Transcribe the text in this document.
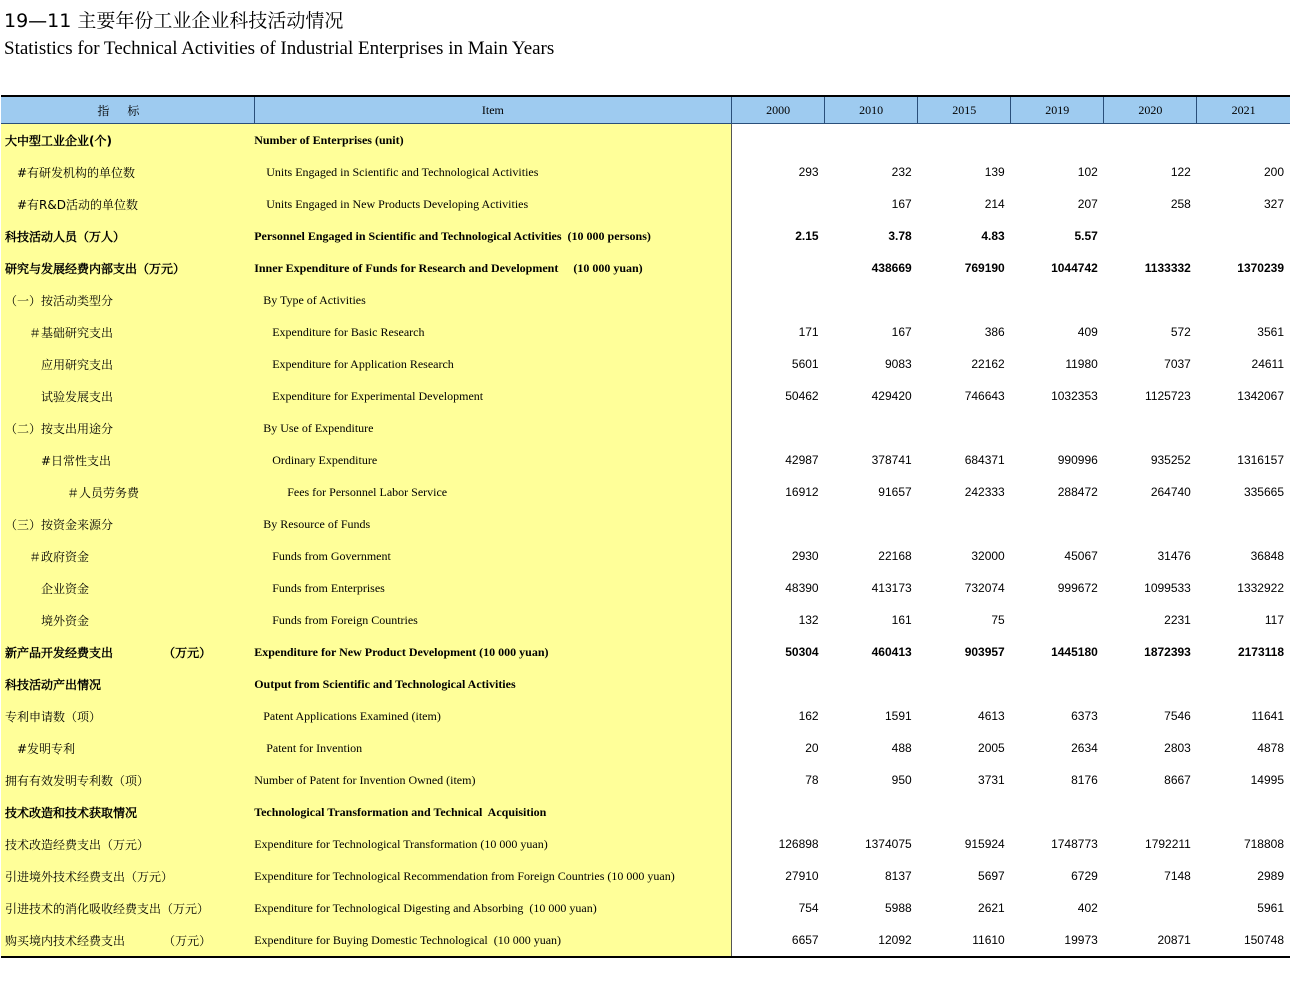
19—11 主要年份工业企业科技活动情况
Statistics for Technical Activities of Industrial Enterprises in Main Years
指标	Item	2000	2010	2015	2019	2020	2021
大中型工业企业(个)	Number of Enterprises (unit)						
#有研发机构的单位数	Units Engaged in Scientific and Technological Activities	293	232	139	102	122	200
#有R&D活动的单位数	Units Engaged in New Products Developing Activities		167	214	207	258	327
科技活动人员（万人）	Personnel Engaged in Scientific and Technological Activities  (10 000 persons)	2.15	3.78	4.83	5.57		
研究与发展经费内部支出（万元）	Inner Expenditure of Funds for Research and Development     (10 000 yuan)		438669	769190	1044742	1133332	1370239
（一）按活动类型分	By Type of Activities						
＃基础研究支出	Expenditure for Basic Research	171	167	386	409	572	3561
应用研究支出	Expenditure for Application Research	5601	9083	22162	11980	7037	24611
试验发展支出	Expenditure for Experimental Development	50462	429420	746643	1032353	1125723	1342067
（二）按支出用途分	By Use of Expenditure						
#日常性支出	Ordinary Expenditure	42987	378741	684371	990996	935252	1316157
＃人员劳务费	Fees for Personnel Labor Service	16912	91657	242333	288472	264740	335665
（三）按资金来源分	By Resource of Funds						
＃政府资金	Funds from Government	2930	22168	32000	45067	31476	36848
企业资金	Funds from Enterprises	48390	413173	732074	999672	1099533	1332922
境外资金	Funds from Foreign Countries	132	161	75		2231	117
新产品开发经费支出            （万元）	Expenditure for New Product Development (10 000 yuan)	50304	460413	903957	1445180	1872393	2173118
科技活动产出情况	Output from Scientific and Technological Activities						
专利申请数（项）	Patent Applications Examined (item)	162	1591	4613	6373	7546	11641
#发明专利	Patent for Invention	20	488	2005	2634	2803	4878
拥有有效发明专利数（项）	Number of Patent for Invention Owned (item)	78	950	3731	8176	8667	14995
技术改造和技术获取情况	Technological Transformation and Technical  Acquisition						
技术改造经费支出（万元）	Expenditure for Technological Transformation (10 000 yuan)	126898	1374075	915924	1748773	1792211	718808
引进境外技术经费支出（万元）	Expenditure for Technological Recommendation from Foreign Countries (10 000 yuan)	27910	8137	5697	6729	7148	2989
引进技术的消化吸收经费支出（万元）	Expenditure for Technological Digesting and Absorbing  (10 000 yuan)	754	5988	2621	402		5961
购买境内技术经费支出          （万元）	Expenditure for Buying Domestic Technological  (10 000 yuan)	6657	12092	11610	19973	20871	150748
